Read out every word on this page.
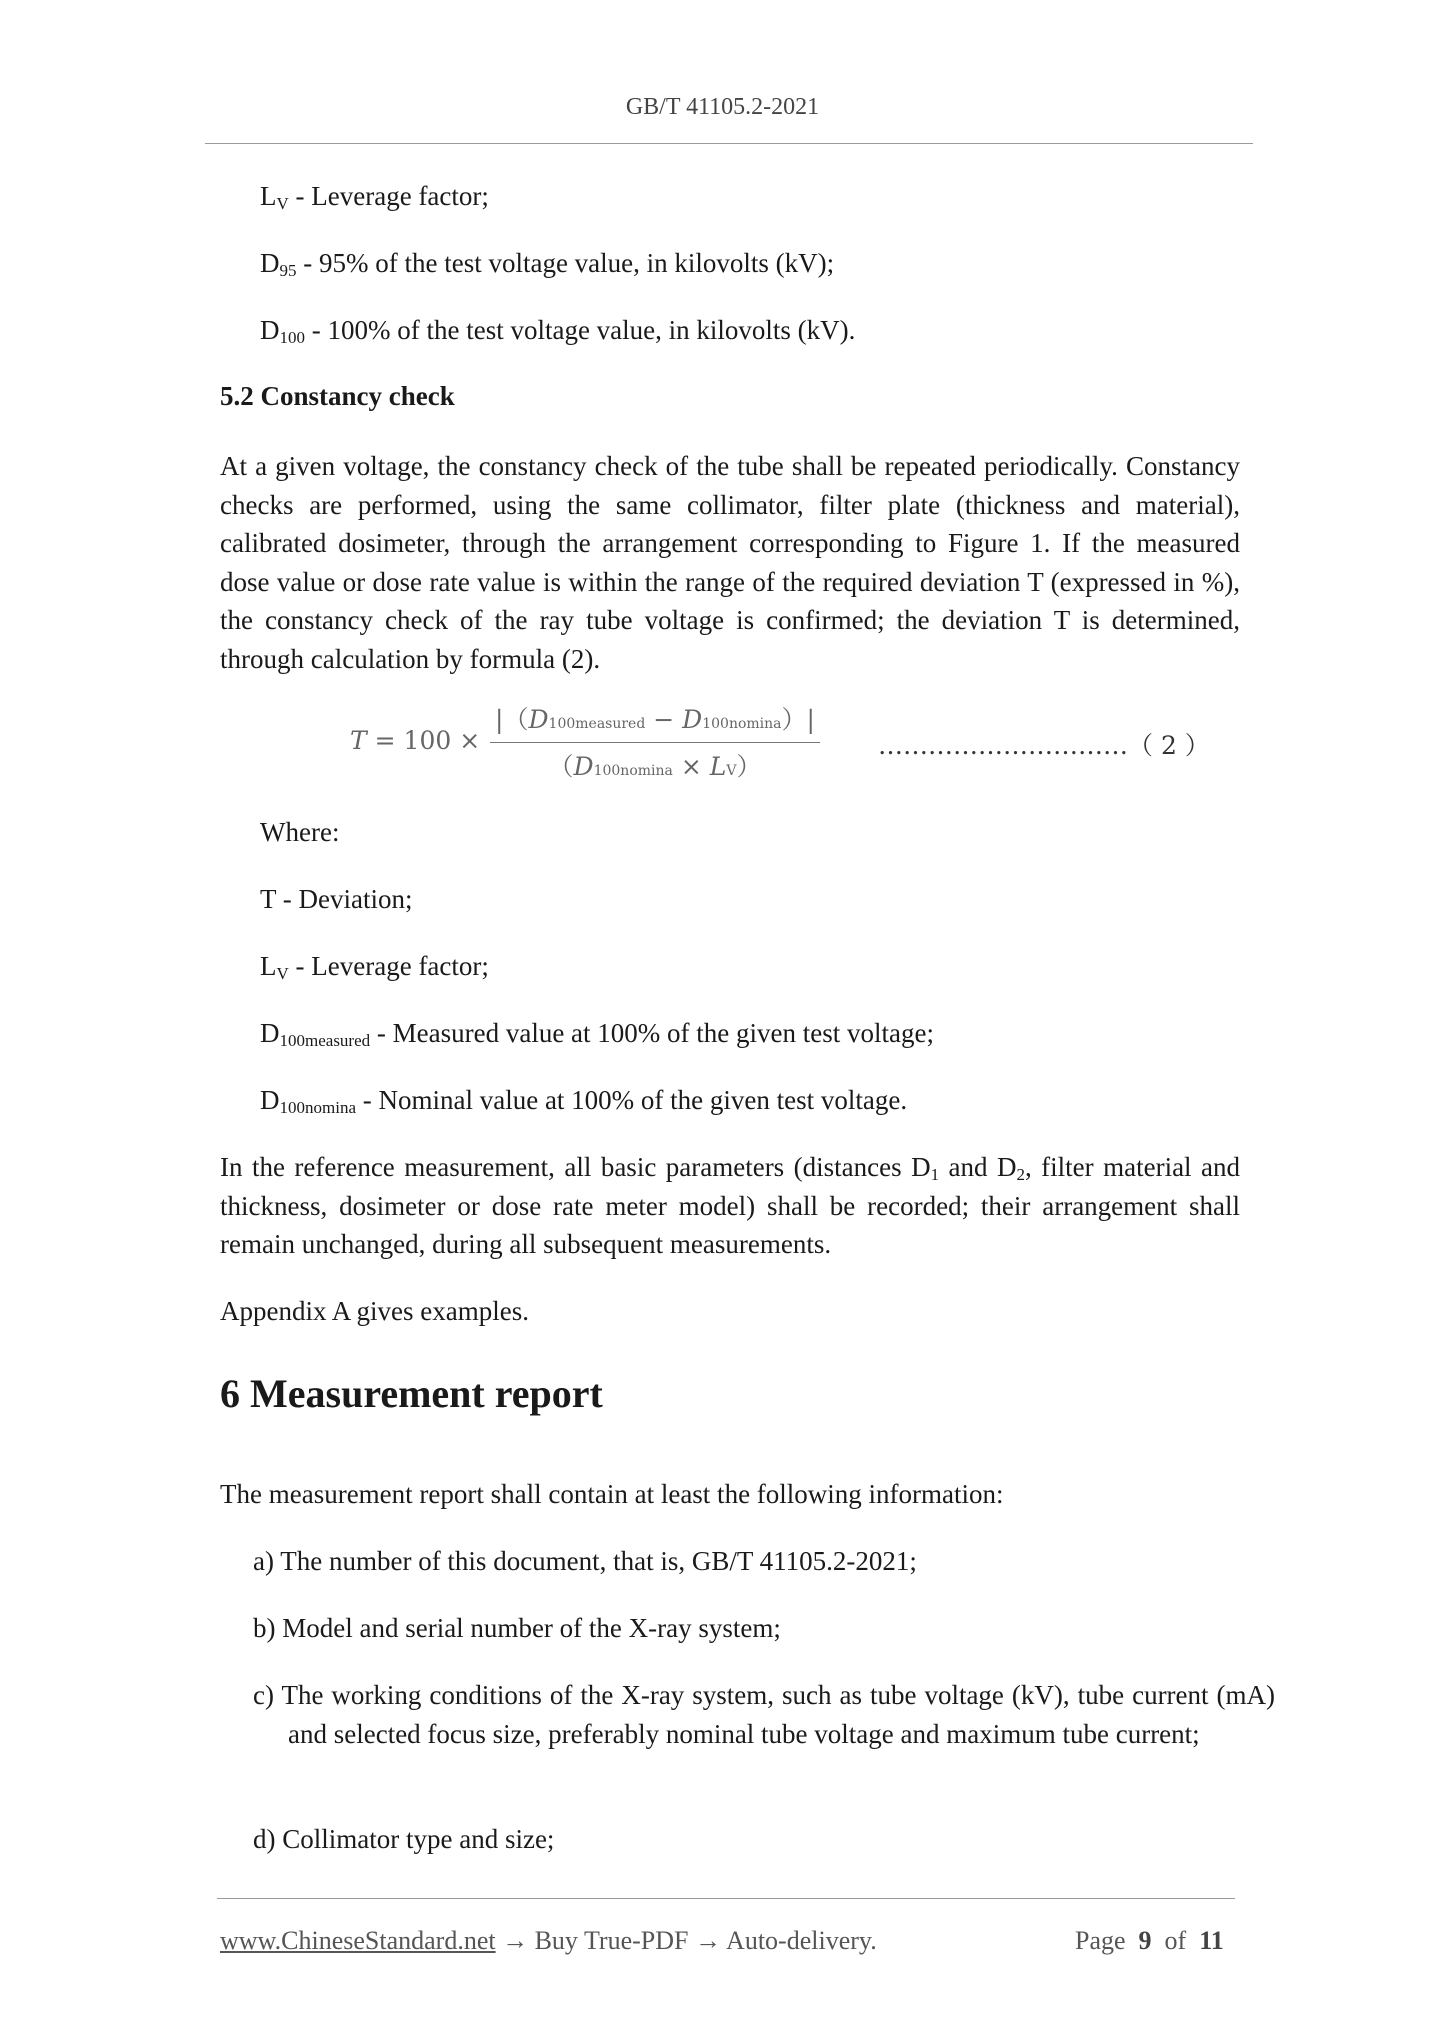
GB/T 41105.2-2021
$L_V$ - Leverage factor;
$D_{95} - 95\%$ of the test voltage value, in kilovolts (kV);
$D_{100} - 100\%$ of the test voltage value, in kilovolts (kV).
5.2 Constancy check
At a given voltage, the constancy check of the tube shall be repeated periodically. Constancy checks are performed, using the same collimator, filter plate (thickness and material), calibrated dosimeter, through the arrangement corresponding to Figure 1. If the measured dose value or dose rate value is within the range of the required deviation T (expressed in %), the constancy check of the ray tube voltage is confirmed; the deviation T is determined, through calculation by formula (2).
T = 100 ×
|（D100measured − D100nomina）|
（D100nomina × LV）
…………………………（ 2 ）
Where:
T - Deviation;
$L_V$ - Leverage factor;
$D_{100measured}$ - Measured value at 100% of the given test voltage;
$D_{100nomina}$ - Nominal value at 100% of the given test voltage.
In the reference measurement, all basic parameters (distances $D_1$ and $D_2$, filter material and thickness, dosimeter or dose rate meter model) shall be recorded; their arrangement shall remain unchanged, during all subsequent measurements.
Appendix A gives examples.
6 Measurement report
The measurement report shall contain at least the following information:
a) The number of this document, that is, GB/T 41105.2-2021;
b) Model and serial number of the X-ray system;
c) The working conditions of the X-ray system, such as tube voltage (kV), tube current (mA) and selected focus size, preferably nominal tube voltage and maximum tube current;
d) Collimator type and size;
www.ChineseStandard.net → Buy True-PDF → Auto-delivery.	Page 9 of 11
